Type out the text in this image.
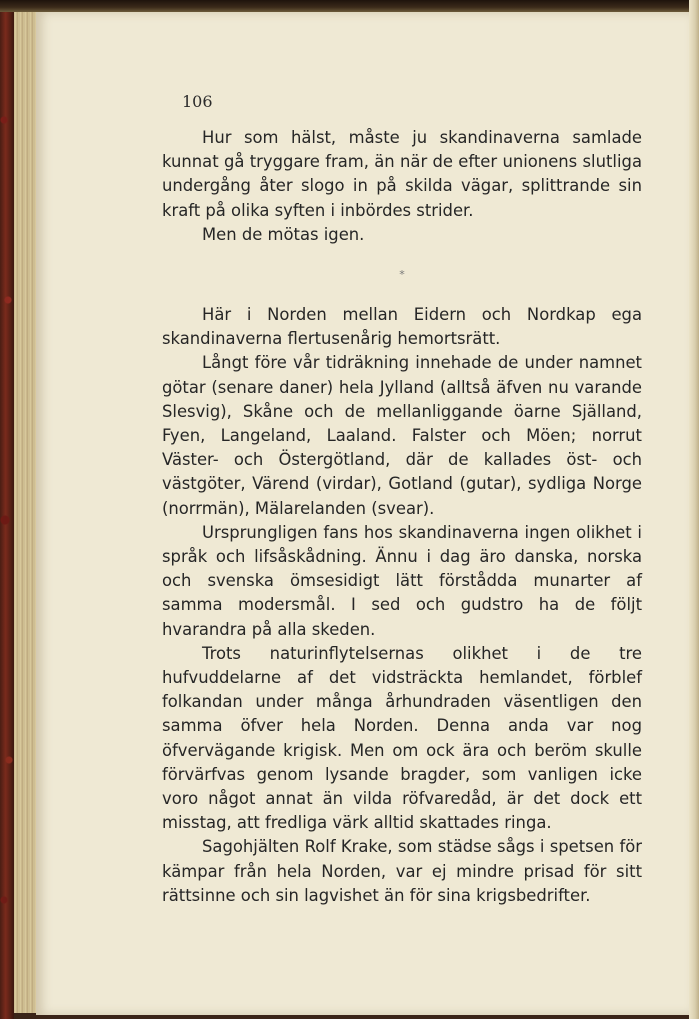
106

Hur som hälst, måste ju skandinaverna samlade kunnat gå tryggare fram, än när de efter unionens slutliga undergång åter slogo in på skilda vägar, splittrande sin kraft på olika syften i inbördes strider.

Men de mötas igen.

*

Här i Norden mellan Eidern och Nordkap ega skandinaverna flertusenårig hemortsrätt.

Långt före vår tidräkning innehade de under namnet götar (senare daner) hela Jylland (alltså äfven nu varande Slesvig), Skåne och de mellanliggande öarne Själland, Fyen, Langeland, Laaland. Falster och Möen; norrut Väster- och Östergötland, där de kallades öst- och västgöter, Värend (virdar), Gotland (gutar), sydliga Norge (norrmän), Mälarelanden (svear).

Ursprungligen fans hos skandinaverna ingen olikhet i språk och lifsåskådning. Ännu i dag äro danska, norska och svenska ömsesidigt lätt förstådda munarter af samma modersmål. I sed och gudstro ha de följt hvarandra på alla skeden.

Trots naturinflytelsernas olikhet i de tre hufvuddelarne af det vidsträckta hemlandet, förblef folkandan under många århundraden väsentligen den samma öfver hela Norden. Denna anda var nog öfvervägande krigisk. Men om ock ära och beröm skulle förvärfvas genom lysande bragder, som vanligen icke voro något annat än vilda röfvaredåd, är det dock ett misstag, att fredliga värk alltid skattades ringa.

Sagohjälten Rolf Krake, som städse sågs i spetsen för kämpar från hela Norden, var ej mindre prisad för sitt rättsinne och sin lagvishet än för sina krigsbedrifter.
